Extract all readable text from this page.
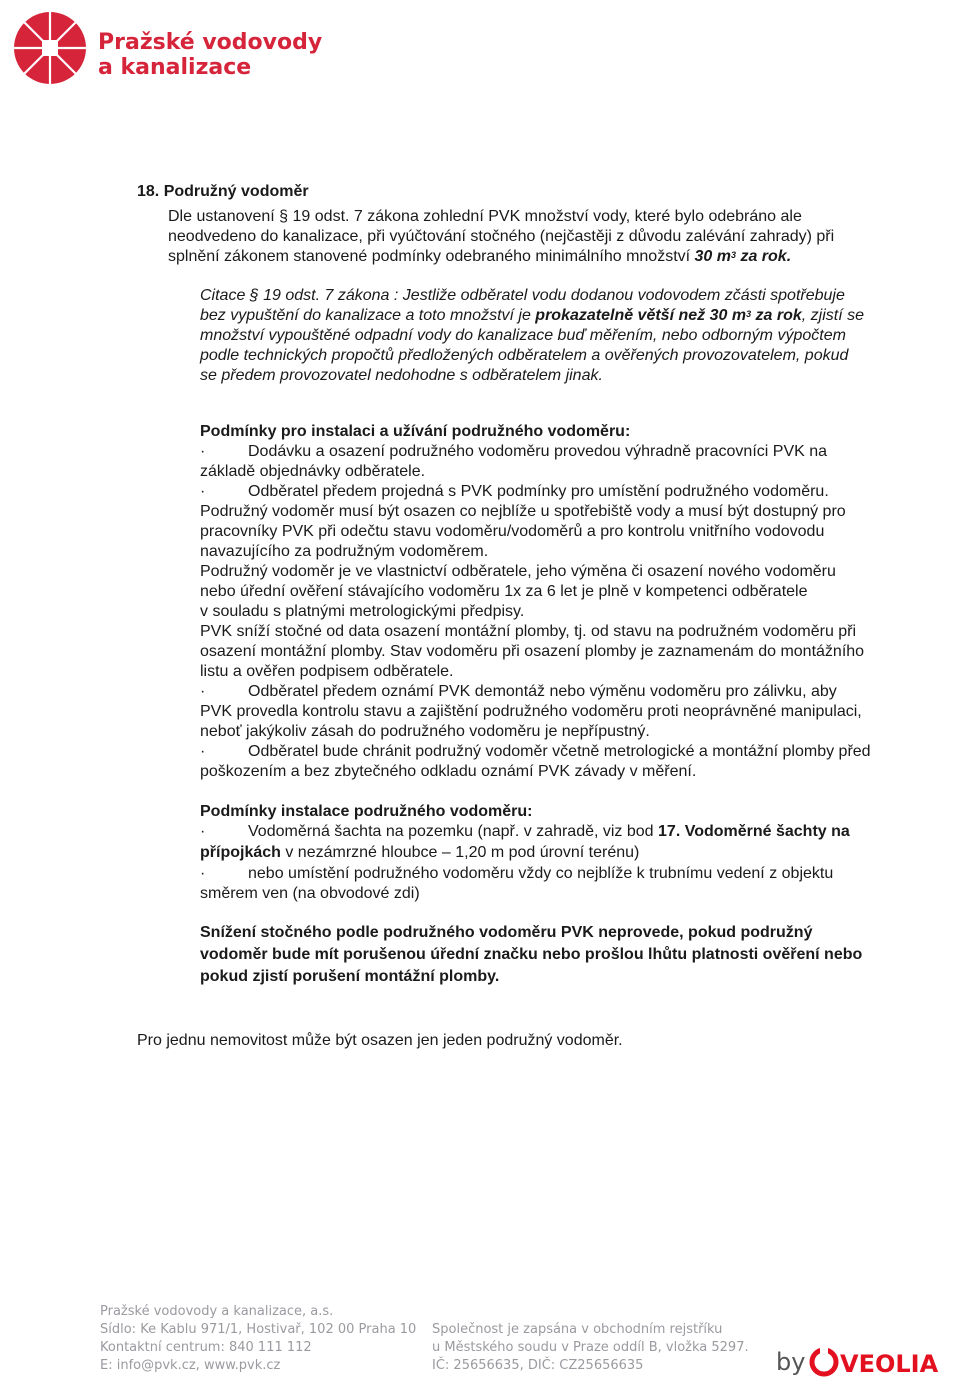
Pražské vodovody
a kanalizace
18. Podružný vodoměr
Dle ustanovení § 19 odst. 7 zákona zohlední PVK množství vody, které bylo odebráno ale
neodvedeno do kanalizace, při vyúčtování stočného (nejčastěji z důvodu zalévání zahrady) při
splnění zákonem stanovené podmínky odebraného minimálního množství 30 $m^3$ za rok.
Citace § 19 odst. 7 zákona : Jestliže odběratel vodu dodanou vodovodem zčásti spotřebuje
bez vypuštění do kanalizace a toto množství je prokazatelně větší než 30 $m^3$ za rok, zjistí se
množství vypouštěné odpadní vody do kanalizace buď měřením, nebo odborným výpočtem
podle technických propočtů předložených odběratelem a ověřených provozovatelem, pokud
se předem provozovatel nedohodne s odběratelem jinak.
Podmínky pro instalaci a užívání podružného vodoměru:
·	Dodávku a osazení podružného vodoměru provedou výhradně pracovníci PVK na
základě objednávky odběratele.
·	Odběratel předem projedná s PVK podmínky pro umístění podružného vodoměru.
Podružný vodoměr musí být osazen co nejblíže u spotřebiště vody a musí být dostupný pro
pracovníky PVK při odečtu stavu vodoměru/vodoměrů a pro kontrolu vnitřního vodovodu
navazujícího za podružným vodoměrem.
Podružný vodoměr je ve vlastnictví odběratele, jeho výměna či osazení nového vodoměru
nebo úřední ověření stávajícího vodoměru 1x za 6 let je plně v kompetenci odběratele
v souladu s platnými metrologickými předpisy.
PVK sníží stočné od data osazení montážní plomby, tj. od stavu na podružném vodoměru při
osazení montážní plomby. Stav vodoměru při osazení plomby je zaznamenám do montážního
listu a ověřen podpisem odběratele.
·	Odběratel předem oznámí PVK demontáž nebo výměnu vodoměru pro zálivku, aby
PVK provedla kontrolu stavu a zajištění podružného vodoměru proti neoprávněné manipulaci,
neboť jakýkoliv zásah do podružného vodoměru je nepřípustný.
·	Odběratel bude chránit podružný vodoměr včetně metrologické a montážní plomby před
poškozením a bez zbytečného odkladu oznámí PVK závady v měření.
Podmínky instalace podružného vodoměru:
·	Vodoměrná šachta na pozemku (např. v zahradě, viz bod 17. Vodoměrné šachty na
přípojkách v nezámrzné hloubce – 1,20 m pod úrovní terénu)
·	nebo umístění podružného vodoměru vždy co nejblíže k trubnímu vedení z objektu
směrem ven (na obvodové zdi)
Snížení stočného podle podružného vodoměru PVK neprovede, pokud podružný
vodoměr bude mít porušenou úřední značku nebo prošlou lhůtu platnosti ověření nebo
pokud zjistí porušení montážní plomby.
Pro jednu nemovitost může být osazen jen jeden podružný vodoměr.
Pražské vodovody a kanalizace, a.s.
Sídlo: Ke Kablu 971/1, Hostivař, 102 00 Praha 10
Kontaktní centrum: 840 111 112
E: info@pvk.cz, www.pvk.cz
Společnost je zapsána v obchodním rejstříku
u Městského soudu v Praze oddíl B, vložka 5297.
IČ: 25656635, DIČ: CZ25656635	by VEOLIA
